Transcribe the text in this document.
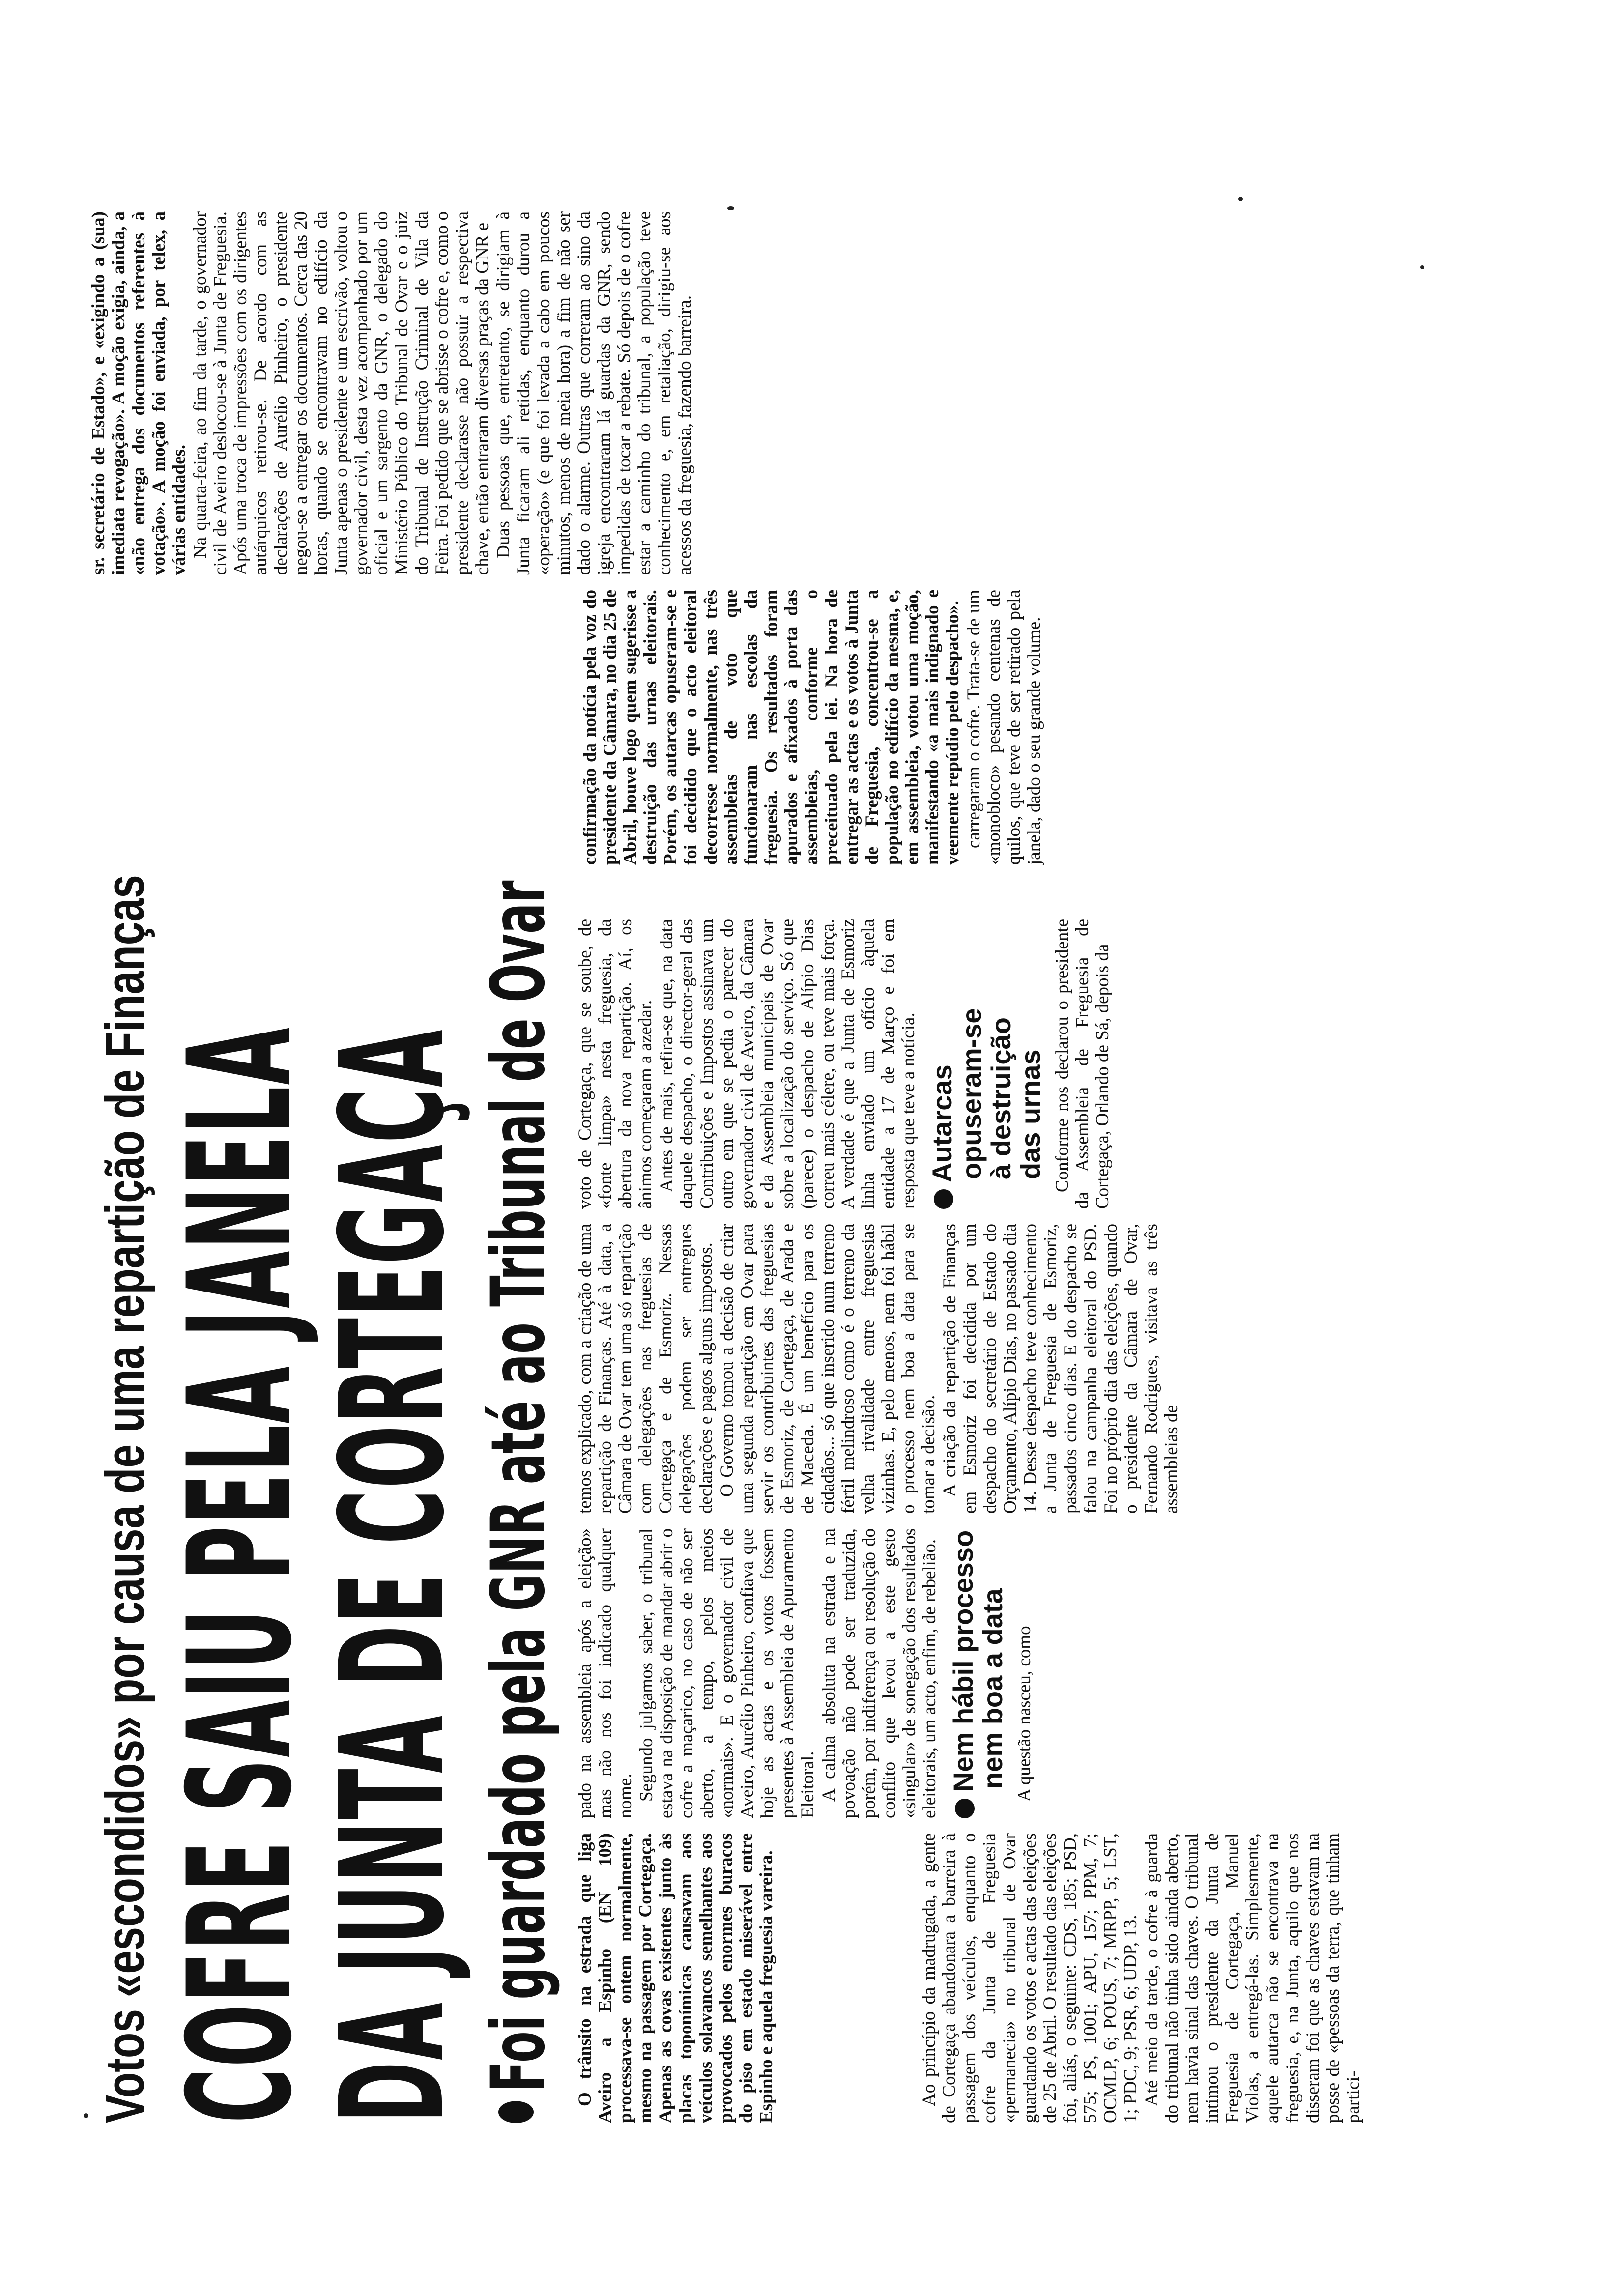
Votos «escondidos» por causa de uma repartição de Finanças COFRE SAIU PELA JANELA
DA JUNTA DE CORTEGAÇA Foi guardado pela GNR até ao Tribunal de Ovar O trânsito na estrada que liga Aveiro a Espinho (EN 109) processava-se ontem normalmente, mesmo na passagem por Cortegaça. Apenas as covas existentes junto às placas toponímicas causavam aos veículos solavancos semelhantes aos provocados pelos enormes buracos do piso em estado miserável entre Espinho e aquela freguesia vareira.	Ao princípio da madrugada, a gente de Cortegaça abandonara a barreira à passagem dos veículos, enquanto o cofre da Junta de Freguesia «permanecia» no tribunal de Ovar guardando os votos e actas das eleições de 25 de Abril. O resultado das eleições foi, aliás, o seguinte: CDS, 185; PSD, 575; PS, 1001; APU, 157; PPM, 7; OCMLP, 6; POUS, 7; MRPP, 5; LST, 1; PDC, 9; PSR, 6; UDP, 13. Até meio da tarde, o cofre à guarda do tribunal não tinha sido ainda aberto, nem havia sinal das chaves. O tribunal intimou o presidente da Junta de Freguesia de Cortegaça, Manuel Violas, a entregá-las. Simplesmente, aquele autarca não se encontrava na freguesia, e, na Junta, aquilo que nos disseram foi que as chaves estavam na posse de «pessoas da terra, que tinham partici-

pado na assembleia após a eleição» mas não nos foi indicado qualquer nome. Segundo julgamos saber, o tribunal estava na disposição de mandar abrir o cofre a maçarico, no caso de não ser aberto, a tempo, pelos meios «normais». E o governador civil de Aveiro, Aurélio Pinheiro, confiava que hoje as actas e os votos fossem presentes à Assembleia de Apuramento Eleitoral. A calma absoluta na estrada e na povoação não pode ser traduzida, porém, por indiferença ou resolução do conflito que levou a este gesto «singular» de sonegação dos resultados eleitorais, um acto, enfim, de rebelião. Nem hábil processo
nem boa a data A questão nasceu, como

temos explicado, com a criação de uma repartição de Finanças. Até à data, a Câmara de Ovar tem uma só repartição com delegações nas freguesias de Cortegaça e de Esmoriz. Nessas delegações podem ser entregues declarações e pagos alguns impostos. O Governo tomou a decisão de criar uma segunda repartição em Ovar para servir os contribuintes das freguesias de Esmoriz, de Cortegaça, de Arada e de Maceda. É um benefício para os cidadãos... só que inserido num terreno fértil melindroso como é o terreno da velha rivalidade entre freguesias vizinhas. E, pelo menos, nem foi hábil o processo nem boa a data para se tomar a decisão. A criação da repartição de Finanças em Esmoriz foi decidida por um despacho do secretário de Estado do Orçamento, Alípio Dias, no passado dia 14. Desse despacho teve conhecimento a Junta de Freguesia de Esmoriz, passados cinco dias. E do despacho se falou na campanha eleitoral do PSD. Foi no próprio dia das eleições, quando o presidente da Câmara de Ovar, Fernando Rodrigues, visitava as três assembleias de

voto de Cortegaça, que se soube, de «fonte limpa» nesta freguesia, da abertura da nova repartição. Aí, os ânimos começaram a azedar. Antes de mais, refira-se que, na data daquele despacho, o director-geral das Contribuições e Impostos assinava um outro em que se pedia o parecer do governador civil de Aveiro, da Câmara e da Assembleia municipais de Ovar sobre a localização do serviço. Só que (parece) o despacho de Alípio Dias correu mais célere, ou teve mais força. A verdade é que a Junta de Esmoriz linha enviado um ofício àquela entidade a 17 de Março e foi em resposta que teve a notícia. Autarcas
opuseram-se
à destruição
das urnas Conforme nos declarou o presidente da Assembleia de Freguesia de Cortegaça, Orlando de Sá, depois da

confirmação da notícia pela voz do presidente da Câmara, no dia 25 de Abril, houve logo quem sugerisse a destruição das urnas eleitorais. Porém, os autarcas opuseram-se e foi decidido que o acto eleitoral decorresse normalmente, nas três assembleias de voto que funcionaram nas escolas da freguesia. Os resultados foram apurados e afixados à porta das assembleias, conforme o preceituado pela lei. Na hora de entregar as actas e os votos à Junta de Freguesia, concentrou-se a população no edifício da mesma, e, em assembleia, votou uma moção, manifestando «a mais indignado e veemente repúdio pelo despacho». carregaram o cofre. Trata-se de um «monobloco» pesando centenas de quilos, que teve de ser retirado pela janela, dado o seu grande volume.

sr. secretário de Estado», e «exigindo a (sua) imediata revogação». A moção exigia, ainda, a «não entrega dos documentos referentes à votação». A moção foi enviada, por telex, a várias entidades. Na quarta-feira, ao fim da tarde, o governador civil de Aveiro deslocou-se à Junta de Freguesia. Após uma troca de impressões com os dirigentes autárquicos retirou-se. De acordo com as declarações de Aurélio Pinheiro, o presidente negou-se a entregar os documentos. Cerca das 20 horas, quando se encontravam no edifício da Junta apenas o presidente e um escrivão, voltou o governador civil, desta vez acompanhado por um oficial e um sargento da GNR, o delegado do Ministério Público do Tribunal de Ovar e o juiz do Tribunal de Instrução Criminal de Vila da Feira. Foi pedido que se abrisse o cofre e, como o presidente declarasse não possuir a respectiva chave, então entraram diversas praças da GNR e Duas pessoas que, entretanto, se dirigiam à Junta ficaram ali retidas, enquanto durou a «operação» (e que foi levada a cabo em poucos minutos, menos de meia hora) a fim de não ser dado o alarme. Outras que correram ao sino da igreja encontraram lá guardas da GNR, sendo impedidas de tocar a rebate. Só depois de o cofre estar a caminho do tribunal, a população teve conhecimento e, em retaliação, dirigiu-se aos acessos da freguesia, fazendo barreira.
